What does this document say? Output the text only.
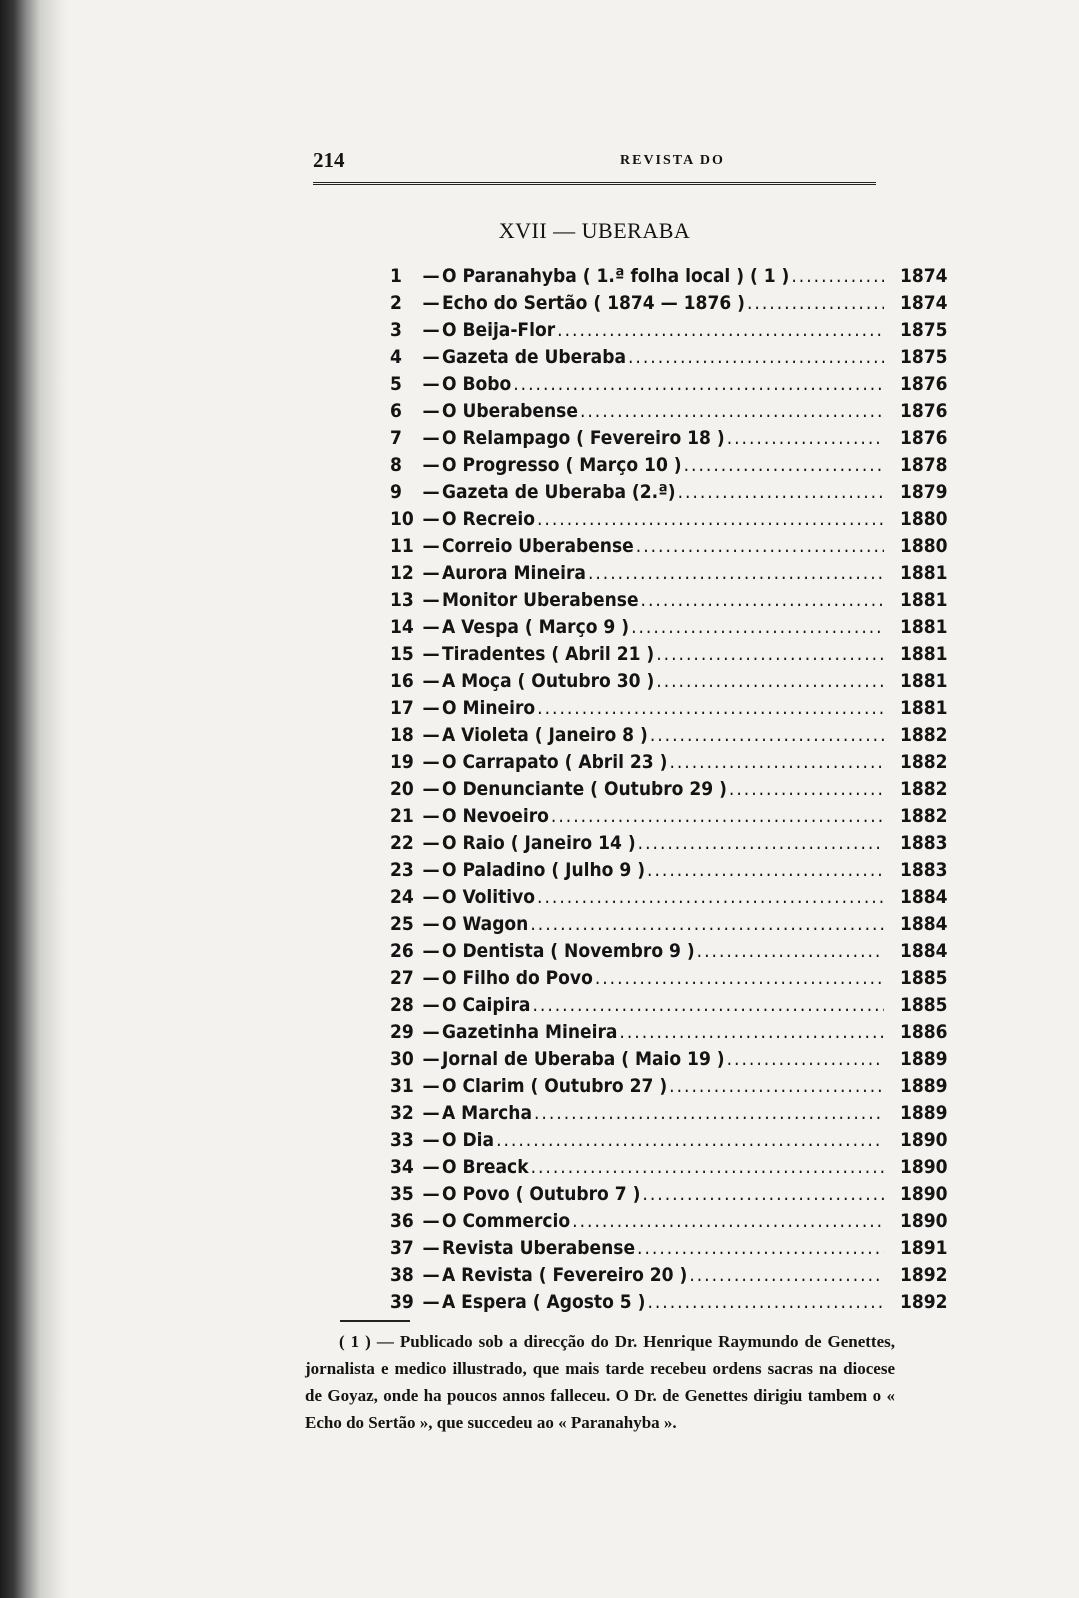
214	REVISTA DO
XVII — UBERABA
1	— O Paranahyba ( 1.ª folha local ) ( 1 ) .....	1874
2	— Echo do Sertão ( 1874 — 1876 ) .....	1874
3	— O Beija-Flor .....	1875
4	— Gazeta de Uberaba .....	1875
5	— O Bobo .....	1876
6	— O Uberabense .....	1876
7	— O Relampago ( Fevereiro 18 ) .....	1876
8	— O Progresso ( Março 10 ) .....	1878
9	— Gazeta de Uberaba (2.ª) .....	1879
10 — O Recreio .....	1880
11 — Correio Uberabense .....	1880
12 — Aurora Mineira .....	1881
13 — Monitor Uberabense .....	1881
14 — A Vespa ( Março 9 ) .....	1881
15 — Tiradentes ( Abril 21 ) .....	1881
16 — A Moça ( Outubro 30 ) .....	1881
17 — O Mineiro .....	1881
18 — A Violeta ( Janeiro 8 ) .....	1882
19 — O Carrapato ( Abril 23 ) .....	1882
20 — O Denunciante ( Outubro 29 ) .....	1882
21 — O Nevoeiro .....	1882
22 — O Raio ( Janeiro 14 ) .....	1883
23 — O Paladino ( Julho 9 ) .....	1883
24 — O Volitivo .....	1884
25 — O Wagon .....	1884
26 — O Dentista ( Novembro 9 ) .....	1884
27 — O Filho do Povo .....	1885
28 — O Caipira .....	1885
29 — Gazetinha Mineira .....	1886
30 — Jornal de Uberaba ( Maio 19 ) .....	1889
31 — O Clarim ( Outubro 27 ) .....	1889
32 — A Marcha .....	1889
33 — O Dia .....	1890
34 — O Breack .....	1890
35 — O Povo ( Outubro 7 ) .....	1890
36 — O Commercio .....	1890
37 — Revista Uberabense .....	1891
38 — A Revista ( Fevereiro 20 ) .....	1892
39 — A Espera ( Agosto 5 ) .....	1892

( 1 ) — Publicado sob a direcção do Dr. Henrique Raymundo de Genettes, jornalista e medico illustrado, que mais tarde recebeu ordens sacras na diocese de Goyaz, onde ha poucos annos falleceu. O Dr. de Genettes dirigiu tambem o « Echo do Sertão », que succedeu ao « Paranahyba ».
